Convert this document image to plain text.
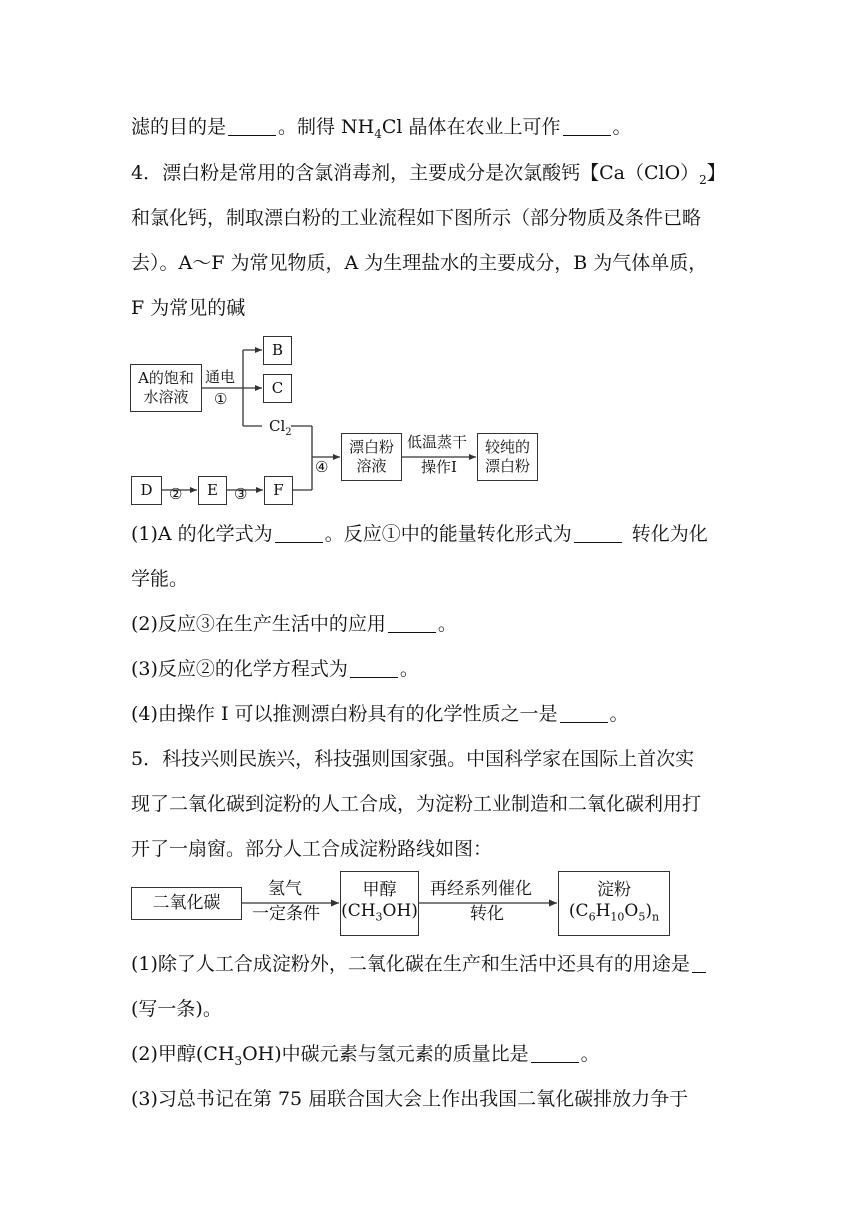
滤的目的是	。制得 $NH_4Cl$ 晶体在农业上可作	。
4．漂白粉是常用的含氯消毒剂，主要成分是次氯酸钙【$Ca(ClO)_2$】
和氯化钙，制取漂白粉的工业流程如下图所示（部分物质及条件已略
去）。A～F 为常见物质，A 为生理盐水的主要成分，B 为气体单质，
F 为常见的碱
A的饱和
水溶液
通电
①
B
C
$Cl_2$
D ② E ③ F
④
漂白粉
溶液
低温蒸干
操作I
较纯的
漂白粉
(1)A 的化学式为	。反应①中的能量转化形式为	转化为化
学能。
(2)反应③在生产生活中的应用	。
(3)反应②的化学方程式为	。
(4)由操作 I 可以推测漂白粉具有的化学性质之一是	。
5．科技兴则民族兴，科技强则国家强。中国科学家在国际上首次实
现了二氧化碳到淀粉的人工合成，为淀粉工业制造和二氧化碳利用打
开了一扇窗。部分人工合成淀粉路线如图：
二氧化碳
氢气
一定条件
甲醇
$(CH_3OH)$
再经系列催化
转化
淀粉
$(C_6H_{10}O_5)_n$
(1)除了人工合成淀粉外，二氧化碳在生产和生活中还具有的用途是
(写一条)。
(2)甲醇$(CH_3OH)$中碳元素与氢元素的质量比是	。
(3)习总书记在第 75 届联合国大会上作出我国二氧化碳排放力争于
